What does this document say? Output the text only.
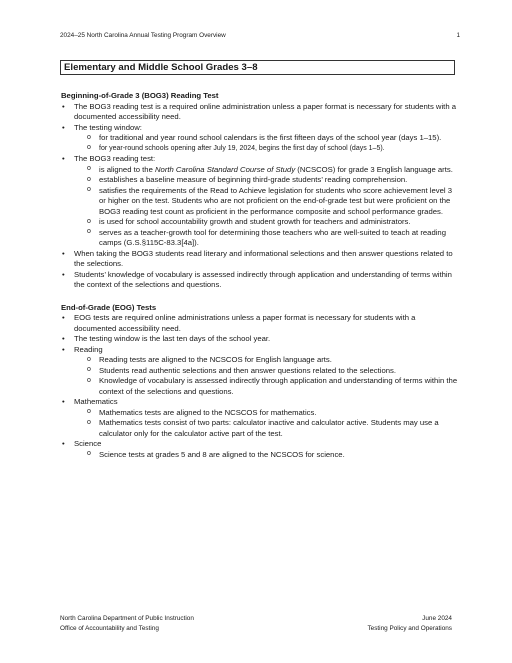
2024–25 North Carolina Annual Testing Program Overview	1
Elementary and Middle School Grades 3–8
Beginning-of-Grade 3 (BOG3) Reading Test
• The BOG3 reading test is a required online administration unless a paper format is necessary for students with a documented accessibility need.
• The testing window:
o for traditional and year round school calendars is the first fifteen days of the school year (days 1–15).
o for year-round schools opening after July 19, 2024, begins the first day of school (days 1–5).
• The BOG3 reading test:
o is aligned to the North Carolina Standard Course of Study (NCSCOS) for grade 3 English language arts.
o establishes a baseline measure of beginning third-grade students’ reading comprehension.
o satisfies the requirements of the Read to Achieve legislation for students who score achievement level 3 or higher on the test. Students who are not proficient on the end-of-grade test but were proficient on the BOG3 reading test count as proficient in the performance composite and school performance grades.
o is used for school accountability growth and student growth for teachers and administrators.
o serves as a teacher-growth tool for determining those teachers who are well-suited to teach at reading camps (G.S.§115C-83.3[4a]).
• When taking the BOG3 students read literary and informational selections and then answer questions related to the selections.
• Students’ knowledge of vocabulary is assessed indirectly through application and understanding of terms within the context of the selections and questions.
End-of-Grade (EOG) Tests
• EOG tests are required online administrations unless a paper format is necessary for students with a documented accessibility need.
• The testing window is the last ten days of the school year.
• Reading
o Reading tests are aligned to the NCSCOS for English language arts.
o Students read authentic selections and then answer questions related to the selections.
o Knowledge of vocabulary is assessed indirectly through application and understanding of terms within the context of the selections and questions.
• Mathematics
o Mathematics tests are aligned to the NCSCOS for mathematics.
o Mathematics tests consist of two parts: calculator inactive and calculator active. Students may use a calculator only for the calculator active part of the test.
• Science
o Science tests at grades 5 and 8 are aligned to the NCSCOS for science.
North Carolina Department of Public Instruction
Office of Accountability and Testing
June 2024
Testing Policy and Operations
